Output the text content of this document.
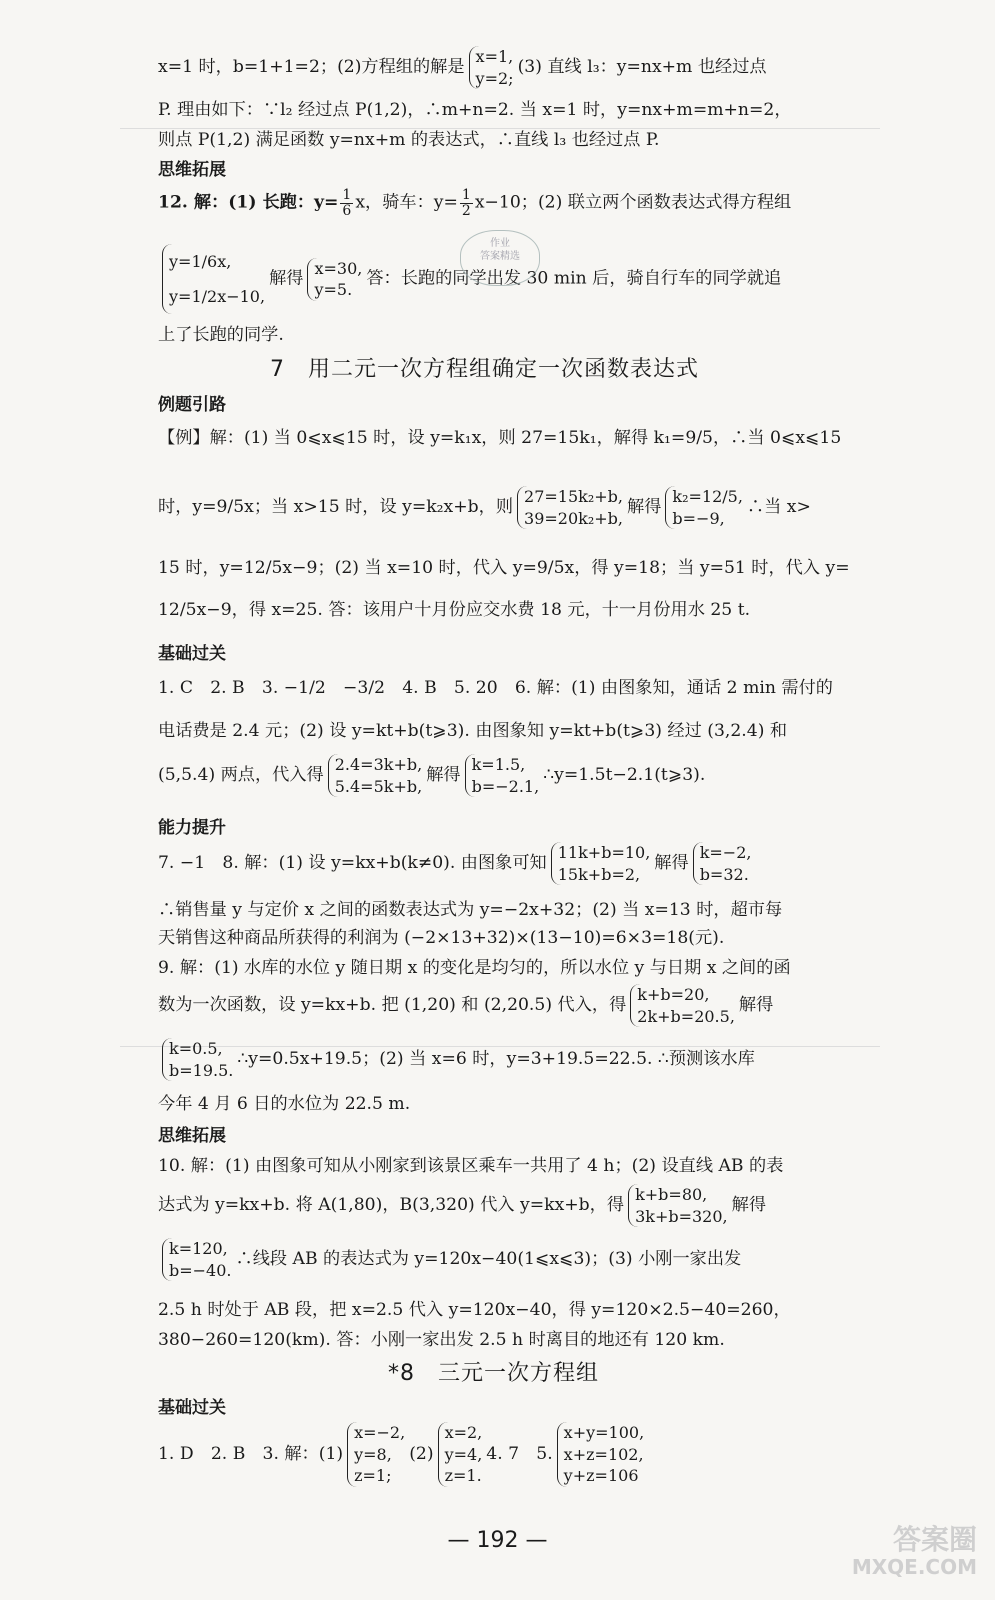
x=1 时，b=1+1=2；(2)方程组的解是
x=1,
y=2;
(3) 直线 l₃：y=nx+m 也经过点
P. 理由如下：∵l₂ 经过点 P(1,2)，∴m+n=2. 当 x=1 时，y=nx+m=m+n=2，
则点 P(1,2) 满足函数 y=nx+m 的表达式，∴直线 l₃ 也经过点 P.
思维拓展
12. 解：(1) 长跑：$y= \frac{1}{6}$ x，骑车：$y= \frac{1}{2} x-10$；(2) 联立两个函数表达式得方程组
y=1/6x,
y=1/2x−10,
解得
x=30,
y=5.
答：长跑的同学出发 30 min 后，骑自行车的同学就追
上了长跑的同学.
7　用二元一次方程组确定一次函数表达式
例题引路
【例】解：(1) 当 0⩽x⩽15 时，设 y=k₁x，则 27=15k₁，解得 k₁=9/5，∴当 0⩽x⩽15
时，y=9/5x；当 x>15 时，设 y=k₂x+b，则
27=15k₂+b,
39=20k₂+b,
解得
k₂=12/5,
b=−9,
∴当 x>
15 时，y=12/5x−9；(2) 当 x=10 时，代入 y=9/5x，得 y=18；当 y=51 时，代入 y=
12/5x−9，得 x=25. 答：该用户十月份应交水费 18 元，十一月份用水 25 t.
基础过关
1. C　2. B　3. −1/2　−3/2　4. B　5. 20　6. 解：(1) 由图象知，通话 2 min 需付的
电话费是 2.4 元；(2) 设 y=kt+b(t⩾3). 由图象知 y=kt+b(t⩾3) 经过 (3,2.4) 和
(5,5.4) 两点，代入得
2.4=3k+b,
5.4=5k+b,
解得
k=1.5,
b=−2.1,
∴y=1.5t−2.1(t⩾3).
能力提升
7. −1　8. 解：(1) 设 y=kx+b(k≠0). 由图象可知
11k+b=10,
15k+b=2,
解得
k=−2,
b=32.
∴销售量 y 与定价 x 之间的函数表达式为 y=−2x+32；(2) 当 x=13 时，超市每
天销售这种商品所获得的利润为 (−2×13+32)×(13−10)=6×3=18(元).
9. 解：(1) 水库的水位 y 随日期 x 的变化是均匀的，所以水位 y 与日期 x 之间的函
数为一次函数，设 y=kx+b. 把 (1,20) 和 (2,20.5) 代入，得
k+b=20,
2k+b=20.5,
解得
k=0.5,
b=19.5.
∴y=0.5x+19.5；(2) 当 x=6 时，y=3+19.5=22.5. ∴预测该水库
今年 4 月 6 日的水位为 22.5 m.
思维拓展
10. 解：(1) 由图象可知从小刚家到该景区乘车一共用了 4 h；(2) 设直线 AB 的表
达式为 y=kx+b. 将 A(1,80)，B(3,320) 代入 y=kx+b，得
k+b=80,
3k+b=320,
解得
k=120,
b=−40.
∴线段 AB 的表达式为 y=120x−40(1⩽x⩽3)；(3) 小刚一家出发
2.5 h 时处于 AB 段，把 x=2.5 代入 y=120x−40，得 y=120×2.5−40=260，
380−260=120(km). 答：小刚一家出发 2.5 h 时离目的地还有 120 km.
*8　三元一次方程组
基础过关
1. D　2. B　3. 解：(1)
x=−2,
y=8,
z=1;
(2)
x=2,
y=4,
z=1.
4. 7　5.
x+y=100,
x+z=102,
y+z=106
作业
答案精选
— 192 —	答案圈
MXQE.COM
